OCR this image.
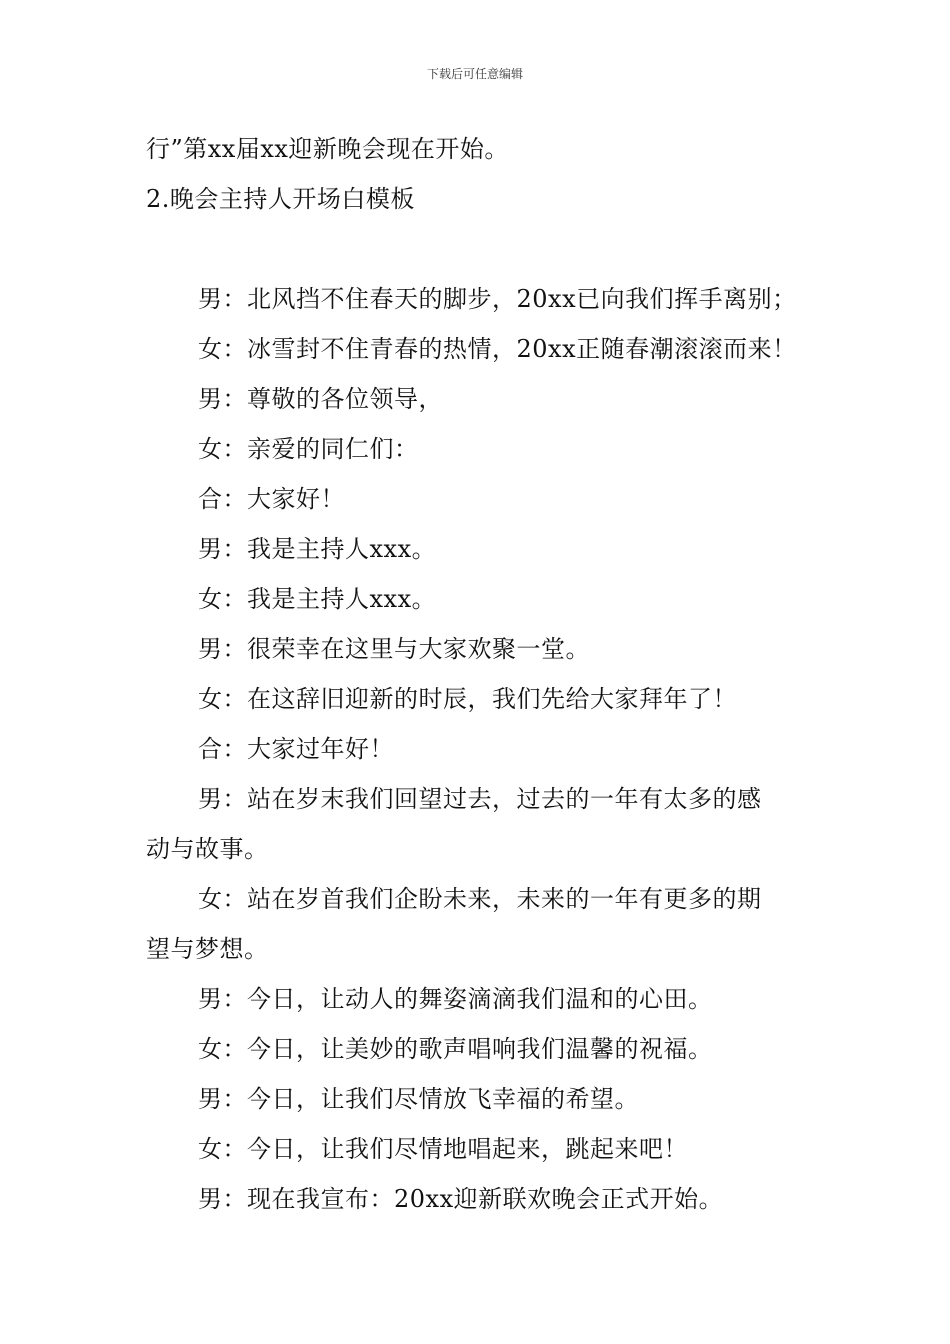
下载后可任意编辑
行”第xx届xx迎新晚会现在开始。
2.晚会主持人开场白模板
男：北风挡不住春天的脚步，20xx已向我们挥手离别；
女：冰雪封不住青春的热情，20xx正随春潮滚滚而来！
男：尊敬的各位领导，
女：亲爱的同仁们：
合：大家好！
男：我是主持人xxx。
女：我是主持人xxx。
男：很荣幸在这里与大家欢聚一堂。
女：在这辞旧迎新的时辰，我们先给大家拜年了！
合：大家过年好！
男：站在岁末我们回望过去，过去的一年有太多的感
动与故事。
女：站在岁首我们企盼未来，未来的一年有更多的期
望与梦想。
男：今日，让动人的舞姿滴滴我们温和的心田。
女：今日，让美妙的歌声唱响我们温馨的祝福。
男：今日，让我们尽情放飞幸福的希望。
女：今日，让我们尽情地唱起来，跳起来吧！
男：现在我宣布：20xx迎新联欢晚会正式开始。
